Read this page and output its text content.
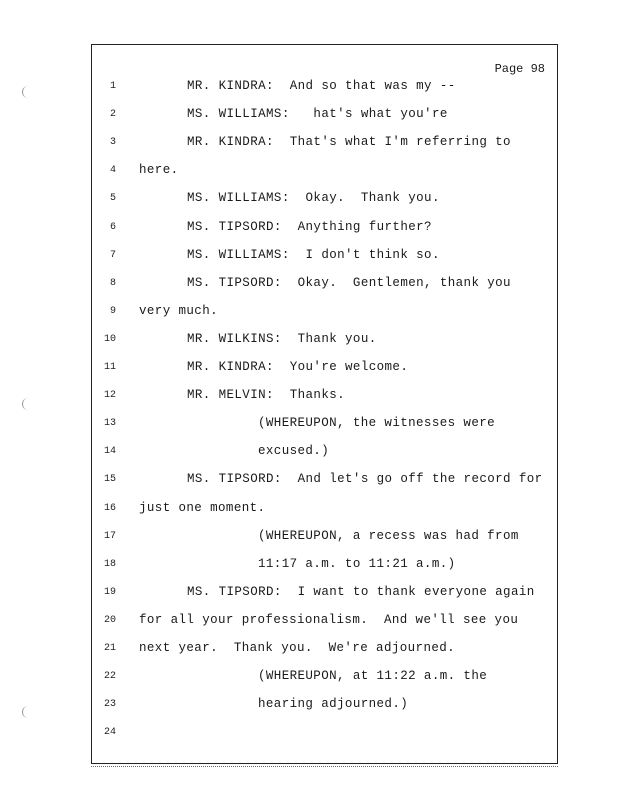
Page 98
1	MR. KINDRA:  And so that was my --
2	MS. WILLIAMS:   hat's what you're
3	MR. KINDRA:  That's what I'm referring to
4 here.
5	MS. WILLIAMS:  Okay.  Thank you.
6	MS. TIPSORD:  Anything further?
7	MS. WILLIAMS:  I don't think so.
8	MS. TIPSORD:  Okay.  Gentlemen, thank you
9 very much.
10	MR. WILKINS:  Thank you.
11	MR. KINDRA:  You're welcome.
12	MR. MELVIN:  Thanks.
13	(WHEREUPON, the witnesses were
14	excused.)
15	MS. TIPSORD:  And let's go off the record for
16 just one moment.
17	(WHEREUPON, a recess was had from
18	11:17 a.m. to 11:21 a.m.)
19	MS. TIPSORD:  I want to thank everyone again
20 for all your professionalism.  And we'll see you
21 next year.  Thank you.  We're adjourned.
22	(WHEREUPON, at 11:22 a.m. the
23	hearing adjourned.)
24
